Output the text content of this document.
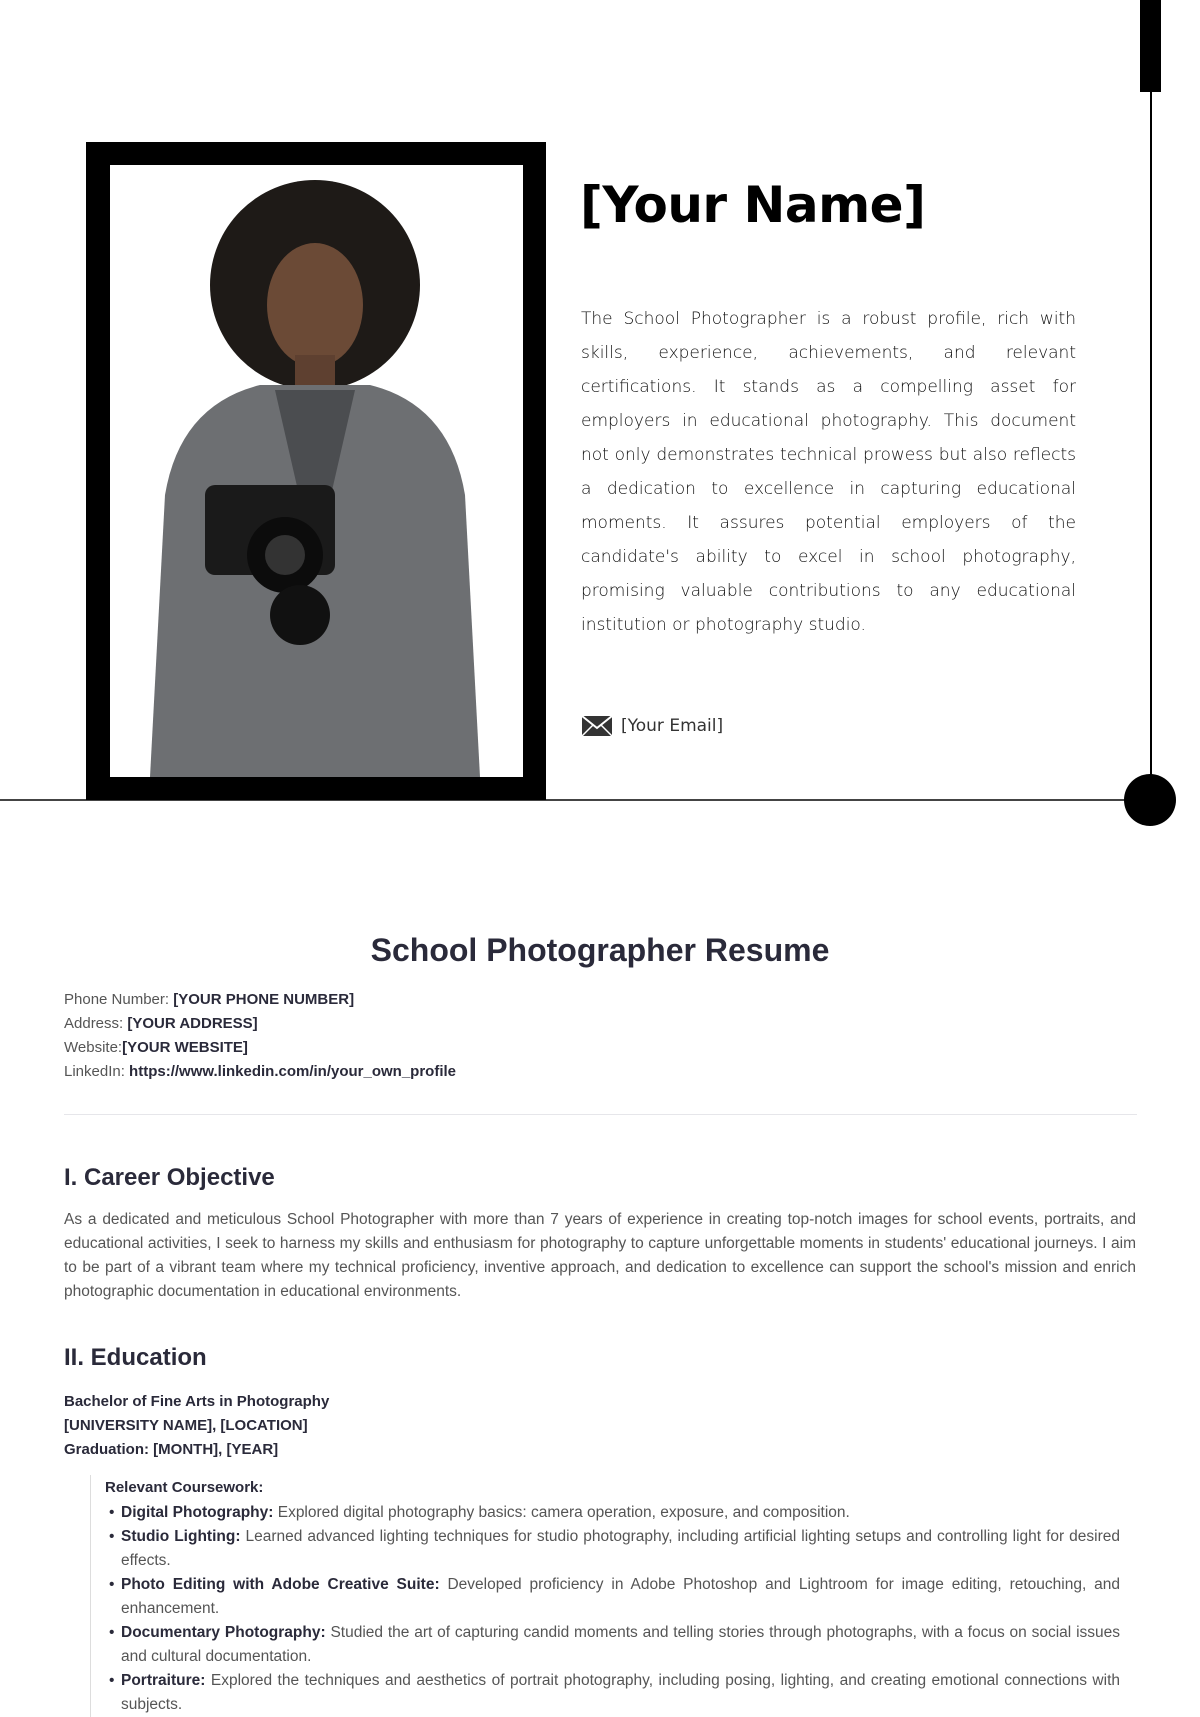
[Your Name]
The School Photographer is a robust profile, rich with skills, experience, achievements, and relevant certifications. It stands as a compelling asset for employers in educational photography. This document not only demonstrates technical prowess but also reflects a dedication to excellence in capturing educational moments. It assures potential employers of the candidate's ability to excel in school photography, promising valuable contributions to any educational institution or photography studio.
[Your Email]
School Photographer Resume
Phone Number: [YOUR PHONE NUMBER]
Address: [YOUR ADDRESS]
Website:[YOUR WEBSITE]
LinkedIn: https://www.linkedin.com/in/your_own_profile
I. Career Objective
As a dedicated and meticulous School Photographer with more than 7 years of experience in creating top-notch images for school events, portraits, and educational activities, I seek to harness my skills and enthusiasm for photography to capture unforgettable moments in students' educational journeys. I aim to be part of a vibrant team where my technical proficiency, inventive approach, and dedication to excellence can support the school's mission and enrich photographic documentation in educational environments.
II. Education
Bachelor of Fine Arts in Photography
[UNIVERSITY NAME], [LOCATION]
Graduation: [MONTH], [YEAR]
Relevant Coursework:
• Digital Photography: Explored digital photography basics: camera operation, exposure, and composition.
• Studio Lighting: Learned advanced lighting techniques for studio photography, including artificial lighting setups and controlling light for desired effects.
• Photo Editing with Adobe Creative Suite: Developed proficiency in Adobe Photoshop and Lightroom for image editing, retouching, and enhancement.
• Documentary Photography: Studied the art of capturing candid moments and telling stories through photographs, with a focus on social issues and cultural documentation.
• Portraiture: Explored the techniques and aesthetics of portrait photography, including posing, lighting, and creating emotional connections with subjects.
